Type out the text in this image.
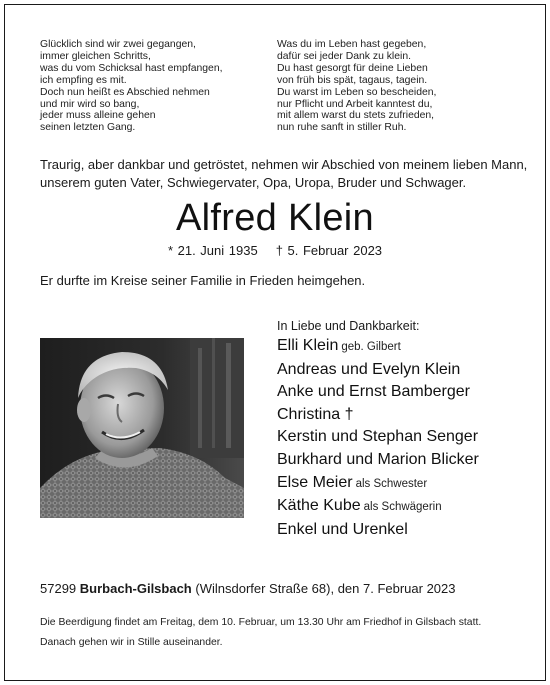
Glücklich sind wir zwei gegangen,
immer gleichen Schritts,
was du vom Schicksal hast empfangen,
ich empfing es mit.
Doch nun heißt es Abschied nehmen
und mir wird so bang,
jeder muss alleine gehen
seinen letzten Gang.
Was du im Leben hast gegeben,
dafür sei jeder Dank zu klein.
Du hast gesorgt für deine Lieben
von früh bis spät, tagaus, tagein.
Du warst im Leben so bescheiden,
nur Pflicht und Arbeit kanntest du,
mit allem warst du stets zufrieden,
nun ruhe sanft in stiller Ruh.
Traurig, aber dankbar und getröstet, nehmen wir Abschied von meinem lieben Mann,
unserem guten Vater, Schwiegervater, Opa, Uropa, Bruder und Schwager.
Alfred Klein
* 21. Juni 1935 † 5. Februar 2023
Er durfte im Kreise seiner Familie in Frieden heimgehen.
In Liebe und Dankbarkeit:
Elli Klein geb. Gilbert
Andreas und Evelyn Klein
Anke und Ernst Bamberger
Christina †
Kerstin und Stephan Senger
Burkhard und Marion Blicker
Else Meier als Schwester
Käthe Kube als Schwägerin
Enkel und Urenkel
57299 Burbach-Gilsbach (Wilnsdorfer Straße 68), den 7. Februar 2023
Die Beerdigung findet am Freitag, dem 10. Februar, um 13.30 Uhr am Friedhof in Gilsbach statt.
Danach gehen wir in Stille auseinander.
